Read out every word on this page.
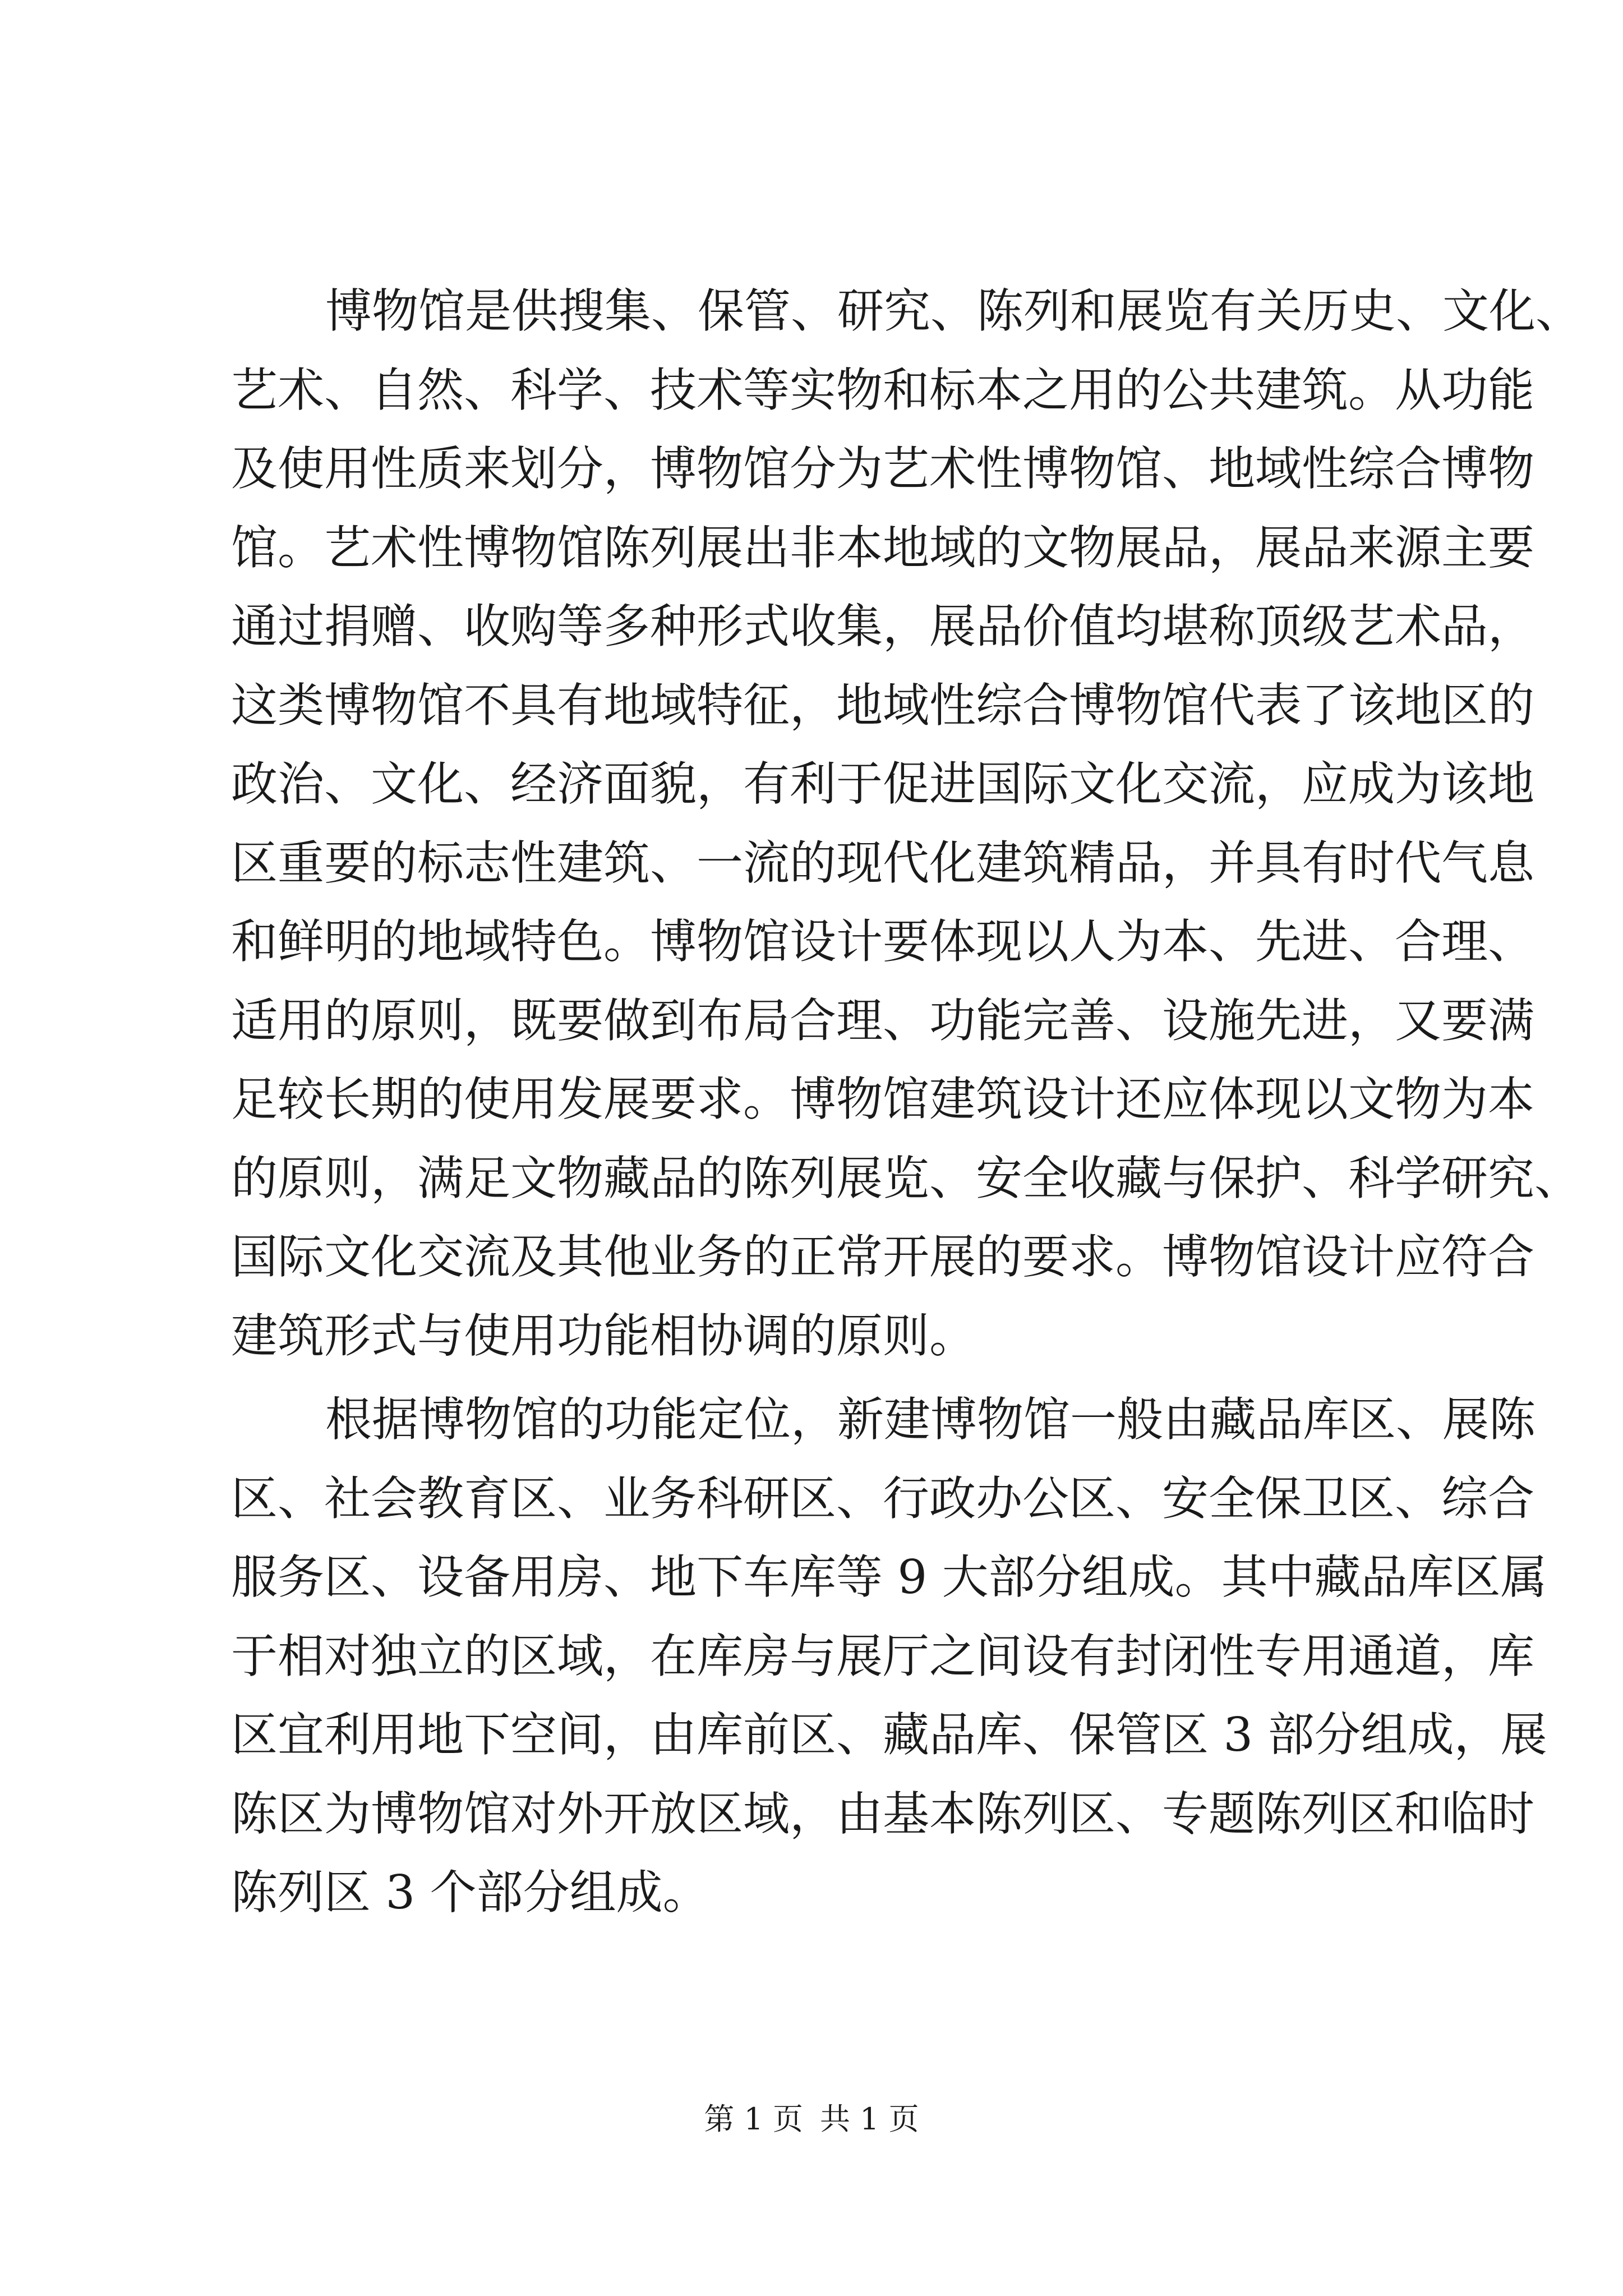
博物馆是供搜集、保管、研究、陈列和展览有关历史、文化、
艺术、自然、科学、技术等实物和标本之用的公共建筑。从功能
及使用性质来划分，博物馆分为艺术性博物馆、地域性综合博物
馆。艺术性博物馆陈列展出非本地域的文物展品，展品来源主要
通过捐赠、收购等多种形式收集，展品价值均堪称顶级艺术品，
这类博物馆不具有地域特征，地域性综合博物馆代表了该地区的
政治、文化、经济面貌，有利于促进国际文化交流，应成为该地
区重要的标志性建筑、一流的现代化建筑精品，并具有时代气息
和鲜明的地域特色。博物馆设计要体现以人为本、先进、合理、
适用的原则，既要做到布局合理、功能完善、设施先进，又要满
足较长期的使用发展要求。博物馆建筑设计还应体现以文物为本
的原则，满足文物藏品的陈列展览、安全收藏与保护、科学研究、
国际文化交流及其他业务的正常开展的要求。博物馆设计应符合
建筑形式与使用功能相协调的原则。
根据博物馆的功能定位，新建博物馆一般由藏品库区、展陈
区、社会教育区、业务科研区、行政办公区、安全保卫区、综合
服务区、设备用房、地下车库等 9 大部分组成。其中藏品库区属
于相对独立的区域，在库房与展厅之间设有封闭性专用通道，库
区宜利用地下空间，由库前区、藏品库、保管区 3 部分组成，展
陈区为博物馆对外开放区域，由基本陈列区、专题陈列区和临时
陈列区 3 个部分组成。
第 1 页 共 1 页
